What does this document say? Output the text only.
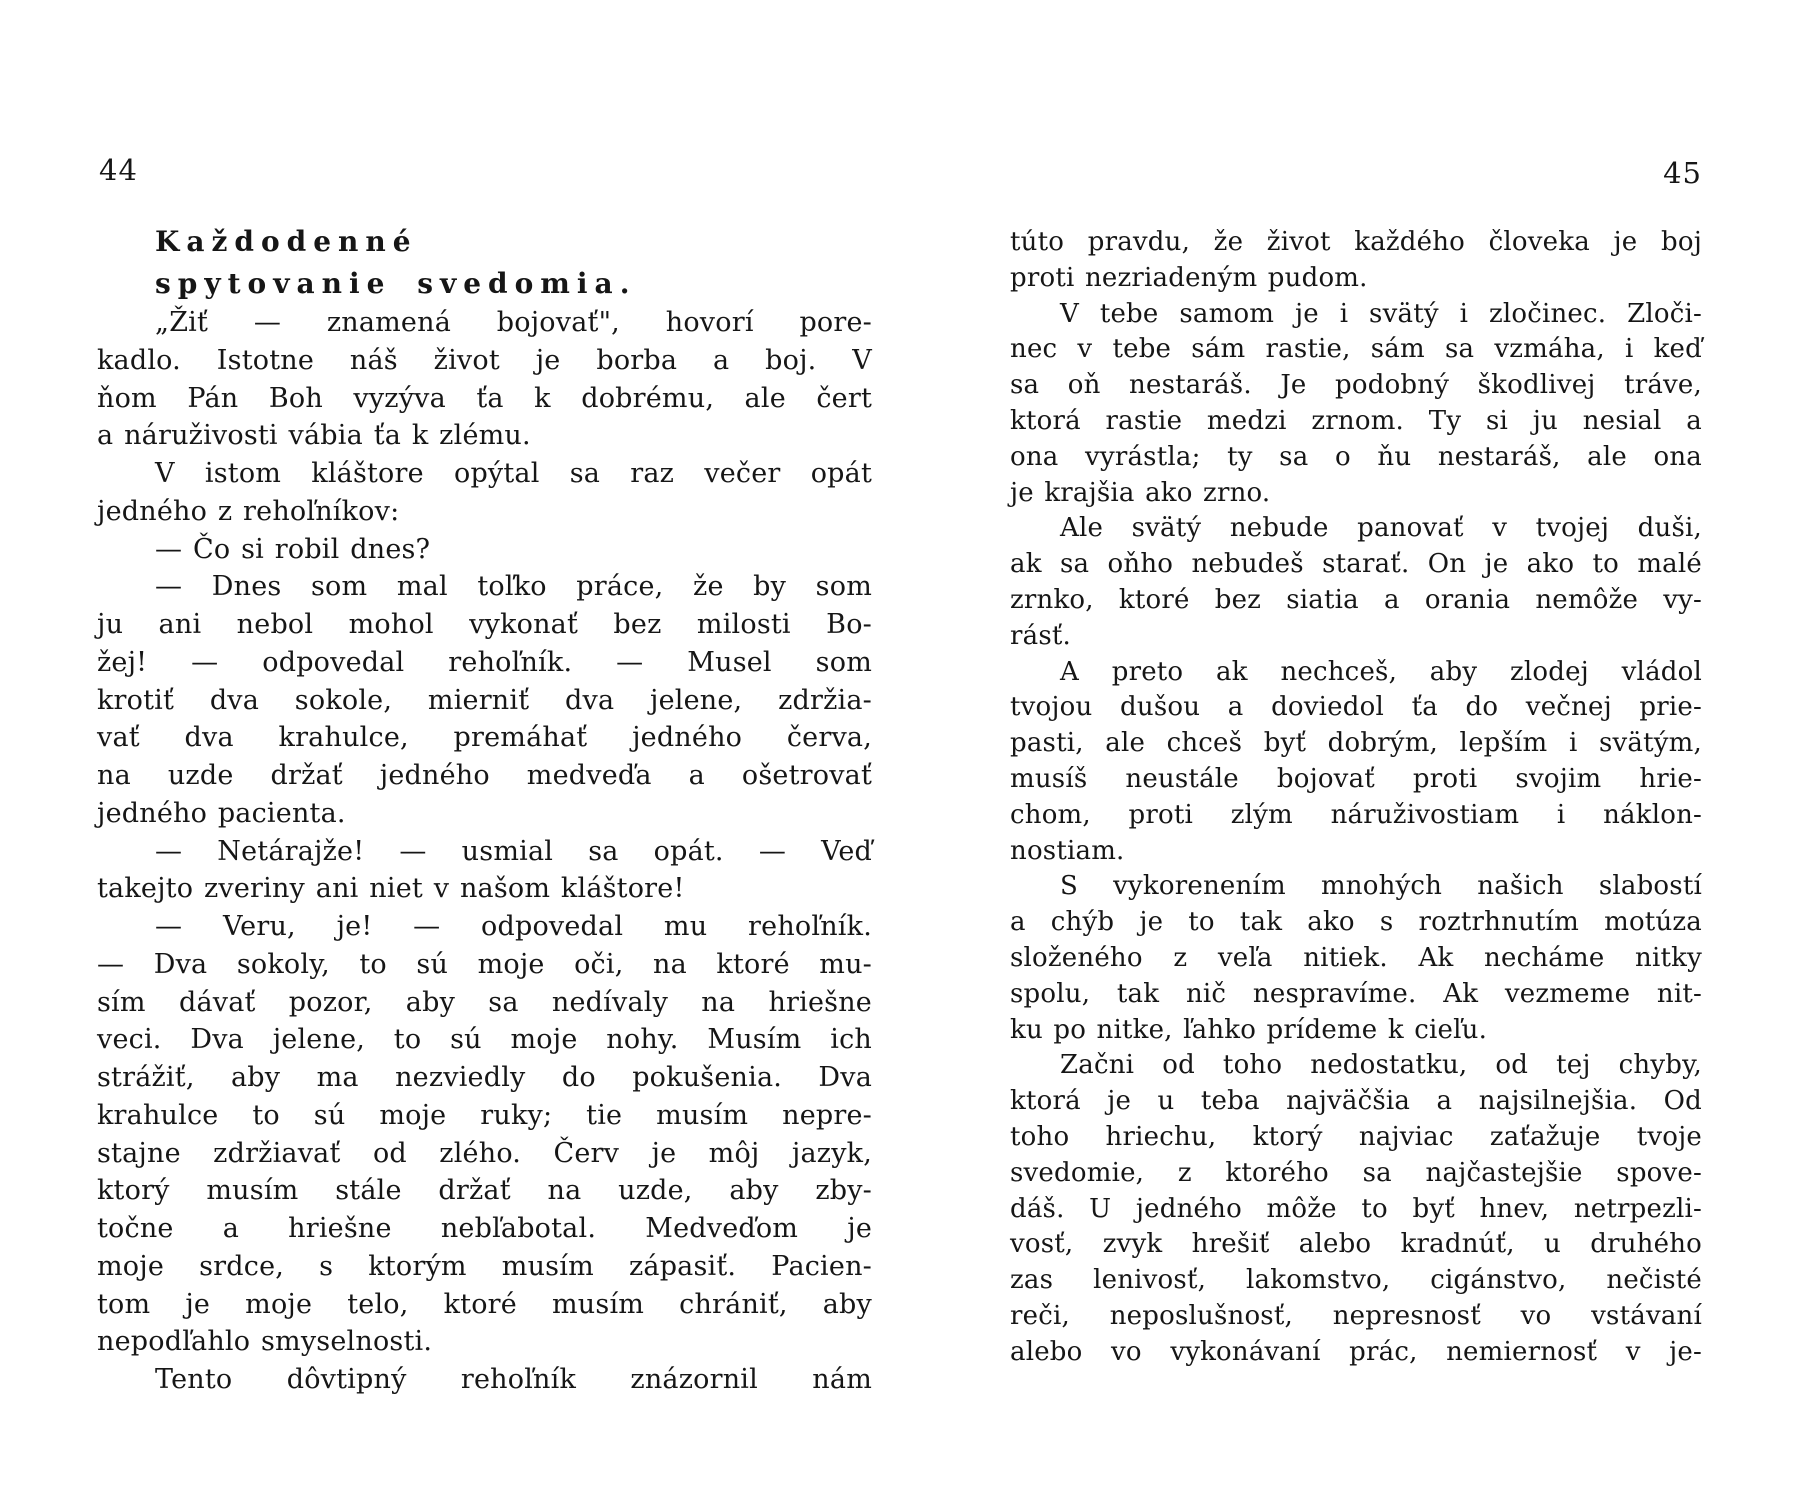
44
Každodenné
spytovanie svedomia.
„Žiť — znamená bojovať", hovorí pore-
kadlo. Istotne náš život je borba a boj. V
ňom Pán Boh vyzýva ťa k dobrému, ale čert
a náruživosti vábia ťa k zlému.
V istom kláštore opýtal sa raz večer opát
jedného z rehoľníkov:
— Čo si robil dnes?
— Dnes som mal toľko práce, že by som
ju ani nebol mohol vykonať bez milosti Bo-
žej! — odpovedal rehoľník. — Musel som
krotiť dva sokole, mierniť dva jelene, zdržia-
vať dva krahulce, premáhať jedného červa,
na uzde držať jedného medveďa a ošetrovať
jedného pacienta.
— Netárajže! — usmial sa opát. — Veď
takejto zveriny ani niet v našom kláštore!
— Veru, je! — odpovedal mu rehoľník.
— Dva sokoly, to sú moje oči, na ktoré mu-
sím dávať pozor, aby sa nedívaly na hriešne
veci. Dva jelene, to sú moje nohy. Musím ich
strážiť, aby ma nezviedly do pokušenia. Dva
krahulce to sú moje ruky; tie musím nepre-
stajne zdržiavať od zlého. Červ je môj jazyk,
ktorý musím stále držať na uzde, aby zby-
točne a hriešne nebľabotal. Medveďom je
moje srdce, s ktorým musím zápasiť. Pacien-
tom je moje telo, ktoré musím chrániť, aby
nepodľahlo smyselnosti.
Tento dôvtipný rehoľník znázornil nám
45
túto pravdu, že život každého človeka je boj
proti nezriadeným pudom.
V tebe samom je i svätý i zločinec. Zloči-
nec v tebe sám rastie, sám sa vzmáha, i keď
sa oň nestaráš. Je podobný škodlivej tráve,
ktorá rastie medzi zrnom. Ty si ju nesial a
ona vyrástla; ty sa o ňu nestaráš, ale ona
je krajšia ako zrno.
Ale svätý nebude panovať v tvojej duši,
ak sa oňho nebudeš starať. On je ako to malé
zrnko, ktoré bez siatia a orania nemôže vy-
rásť.
A preto ak nechceš, aby zlodej vládol
tvojou dušou a doviedol ťa do večnej prie-
pasti, ale chceš byť dobrým, lepším i svätým,
musíš neustále bojovať proti svojim hrie-
chom, proti zlým náruživostiam i náklon-
nostiam.
S vykorenením mnohých našich slabostí
a chýb je to tak ako s roztrhnutím motúza
složeného z veľa nitiek. Ak necháme nitky
spolu, tak nič nespravíme. Ak vezmeme nit-
ku po nitke, ľahko prídeme k cieľu.
Začni od toho nedostatku, od tej chyby,
ktorá je u teba najväčšia a najsilnejšia. Od
toho hriechu, ktorý najviac zaťažuje tvoje
svedomie, z ktorého sa najčastejšie spove-
dáš. U jedného môže to byť hnev, netrpezli-
vosť, zvyk hrešiť alebo kradnúť, u druhého
zas lenivosť, lakomstvo, cigánstvo, nečisté
reči, neposlušnosť, nepresnosť vo vstávaní
alebo vo vykonávaní prác, nemiernosť v je-
